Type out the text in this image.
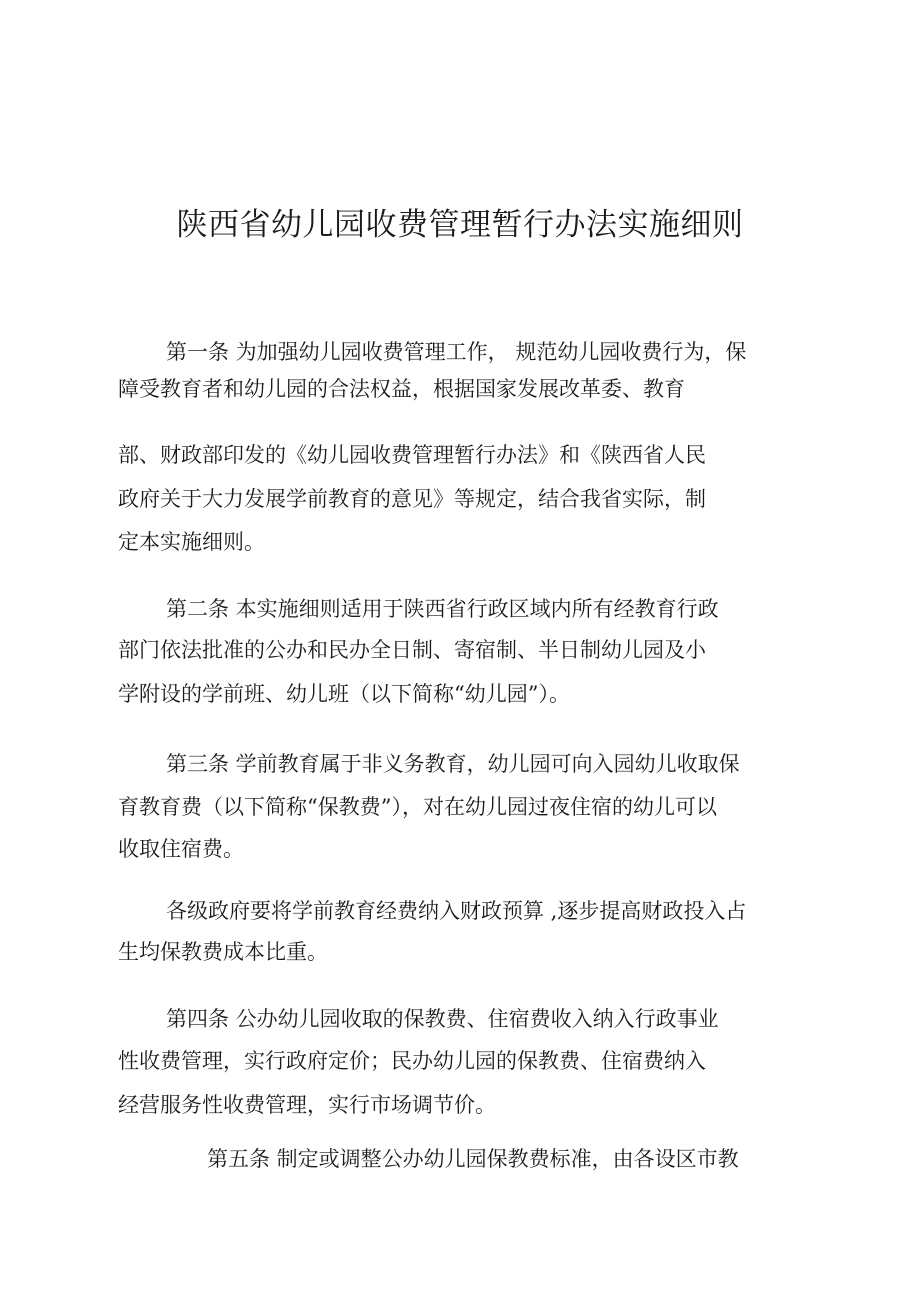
陕西省幼儿园收费管理暂行办法实施细则

第一条 为加强幼儿园收费管理工作， 规范幼儿园收费行为，保

障受教育者和幼儿园的合法权益，根据国家发展改革委、教育

部、财政部印发的《幼儿园收费管理暂行办法》和《陕西省人民

政府关于大力发展学前教育的意见》等规定，结合我省实际，制

定本实施细则。

第二条 本实施细则适用于陕西省行政区域内所有经教育行政

部门依法批准的公办和民办全日制、寄宿制、半日制幼儿园及小

学附设的学前班、幼儿班（以下简称“幼儿园”）。

第三条 学前教育属于非义务教育，幼儿园可向入园幼儿收取保

育教育费（以下简称“保教费”），对在幼儿园过夜住宿的幼儿可以

收取住宿费。

各级政府要将学前教育经费纳入财政预算 ,逐步提高财政投入占

生均保教费成本比重。

第四条 公办幼儿园收取的保教费、住宿费收入纳入行政事业

性收费管理，实行政府定价；民办幼儿园的保教费、住宿费纳入

经营服务性收费管理，实行市场调节价。

第五条 制定或调整公办幼儿园保教费标准，由各设区市教
